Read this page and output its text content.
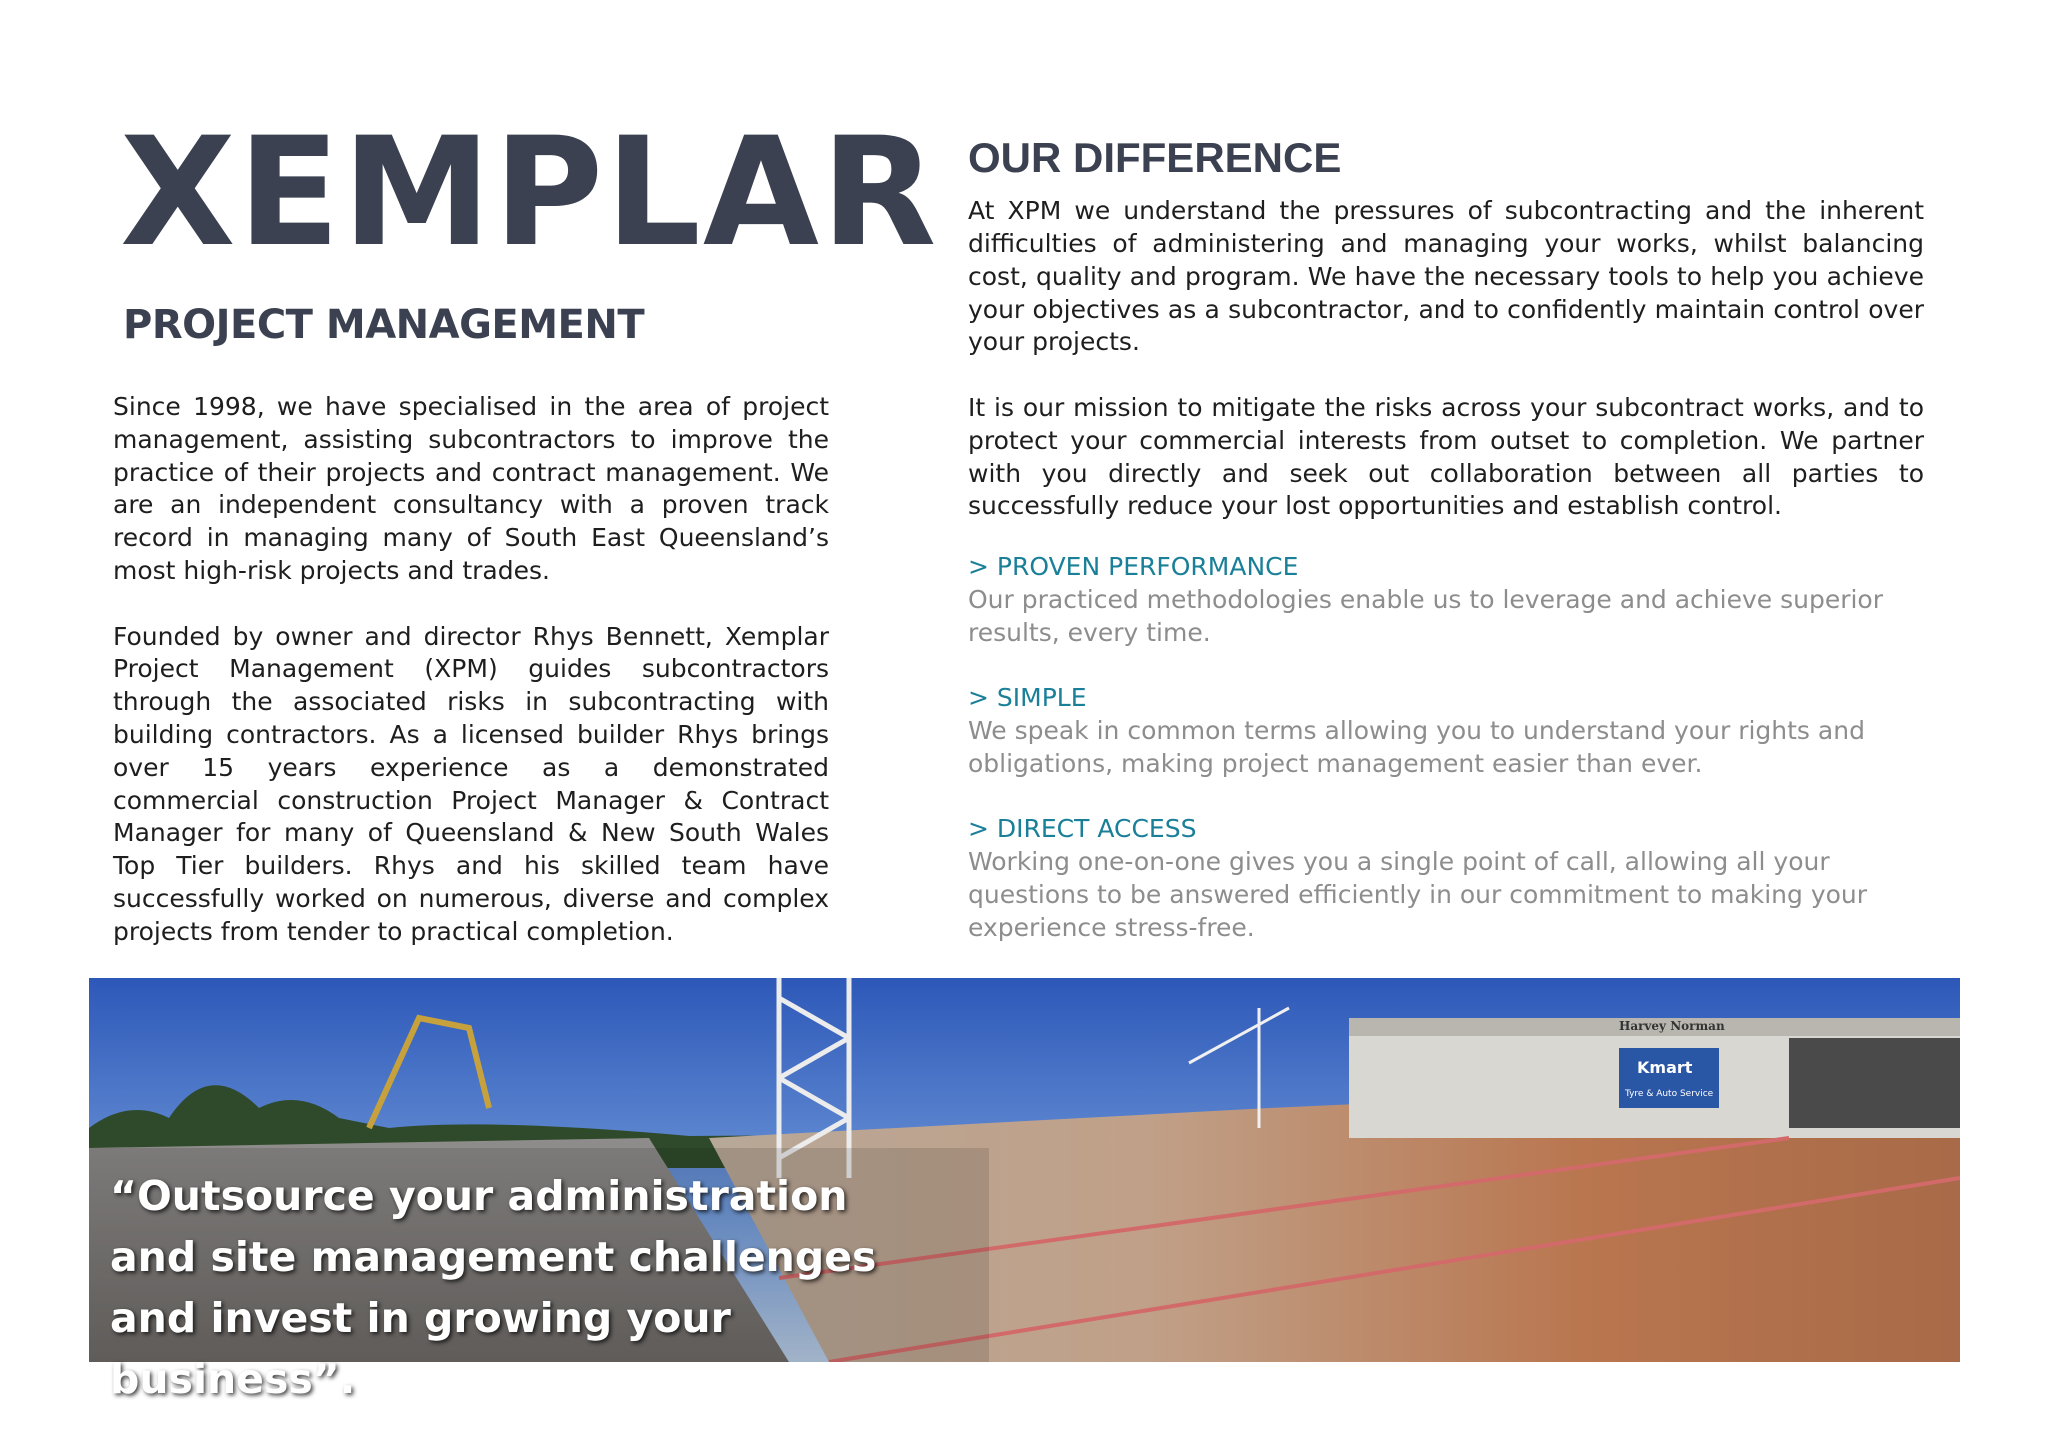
XEMPLAR
PROJECT MANAGEMENT

Since 1998, we have specialised in the area of project management, assisting subcontractors to improve the practice of their projects and contract management. We are an independent consultancy with a proven track record in managing many of South East Queensland’s most high-risk projects and trades.

Founded by owner and director Rhys Bennett, Xemplar Project Management (XPM) guides subcontractors through the associated risks in subcontracting with building contractors. As a licensed builder Rhys brings over 15 years experience as a demonstrated commercial construction Project Manager & Contract Manager for many of Queensland & New South Wales Top Tier builders. Rhys and his skilled team have successfully worked on numerous, diverse and complex projects from tender to practical completion.

OUR DIFFERENCE

At XPM we understand the pressures of subcontracting and the inherent difficulties of administering and managing your works, whilst balancing cost, quality and program. We have the necessary tools to help you achieve your objectives as a subcontractor, and to confidently maintain control over your projects.

It is our mission to mitigate the risks across your subcontract works, and to protect your commercial interests from outset to completion. We partner with you directly and seek out collaboration between all parties to successfully reduce your lost opportunities and establish control.

> PROVEN PERFORMANCE
Our practiced methodologies enable us to leverage and achieve superior results, every time.
> SIMPLE
We speak in common terms allowing you to understand your rights and obligations, making project management easier than ever.
> DIRECT ACCESS
Working one-on-one gives you a single point of call, allowing all your questions to be answered efficiently in our commitment to making your experience stress-free.
Kmart
Tyre & Auto Service
Harvey Norman

“Outsource your administration and site management challenges and invest in growing your business”.
